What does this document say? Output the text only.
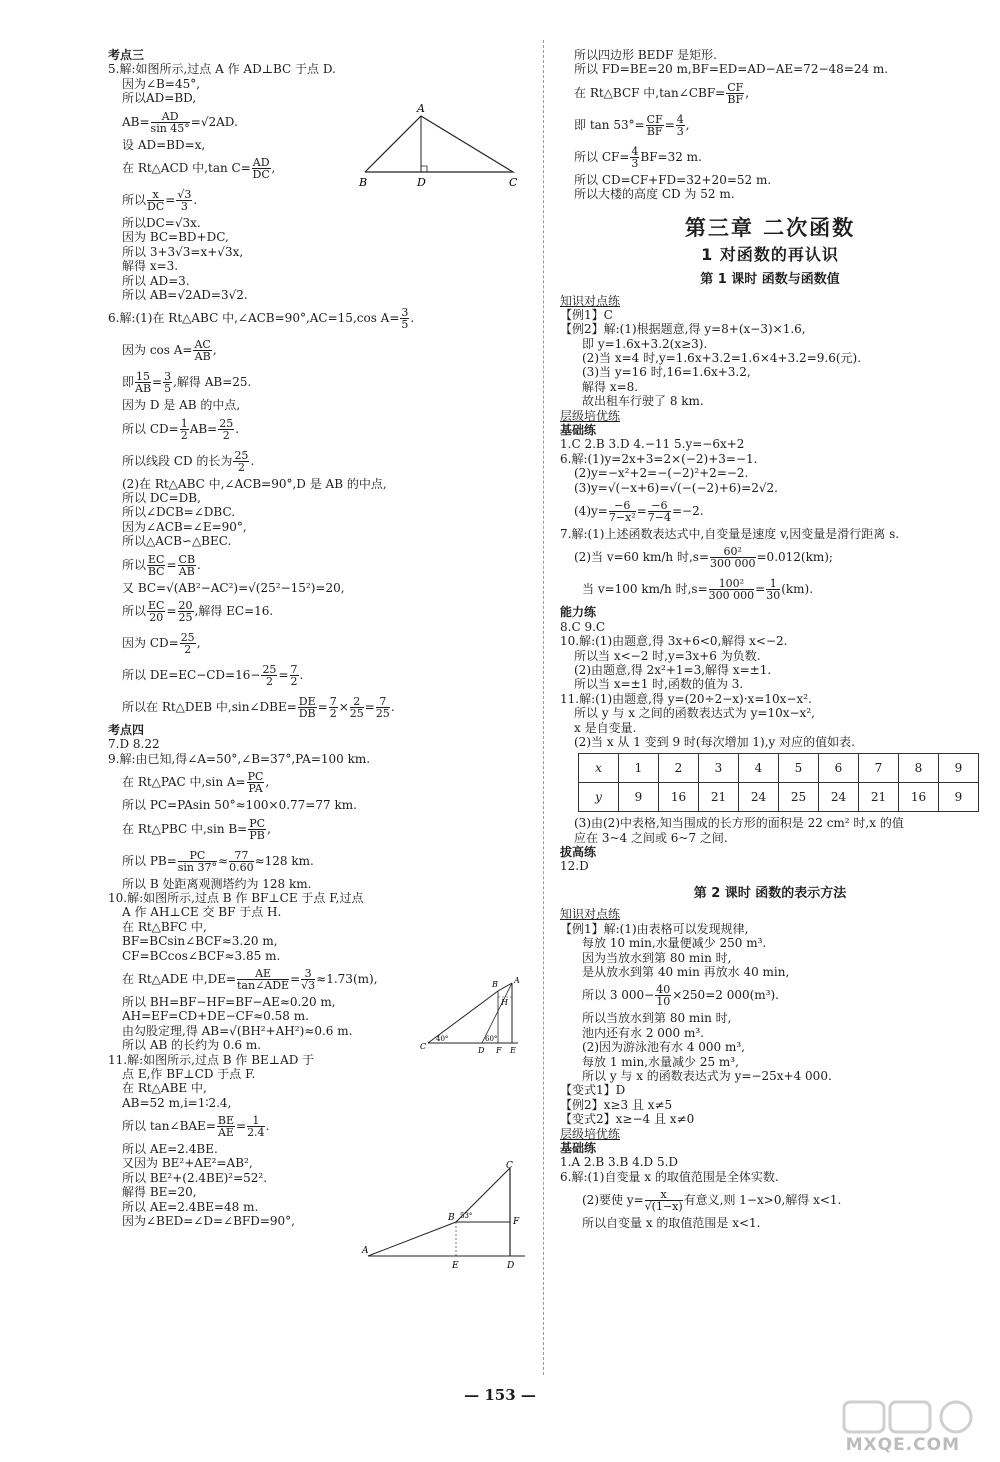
考点三

5.解:如图所示,过点 A 作 AD⊥BC 于点 D.

因为∠B=45°,

所以AD=BD,

$AB= \frac{AD}{\sin 45^\circ} =√2AD$.

设 AD=BD=x,

在 Rt△ACD 中,tan $C= \frac{AD}{DC}$ ,

所以 $\frac{x}{DC} = \frac{√3}{3}$ .

所以DC=√3x.

因为 BC=BD+DC,

所以 3+3√3=x+√3x,

解得 x=3.

所以 AD=3.

所以 AB=√2AD=3√2.

6.解:(1)在 Rt△ABC 中,∠ACB=90°,AC=15,cos $A= \frac{3}{5}$ .

因为 $\cos A= \frac{AC}{AB}$ ,

即 $\frac{15}{AB} = \frac{3}{5}$ ,解得 AB=25.

因为 D 是 AB 的中点,

所以 $CD= \frac{1}{2} AB= \frac{25}{2}$ .

所以线段 CD 的长为 $\frac{25}{2}$ .

(2)在 Rt△ABC 中,∠ACB=90°,D 是 AB 的中点,

所以 DC=DB,

所以∠DCB=∠DBC.

因为∠ACB=∠E=90°,

所以△ACB∽△BEC.

所以 $\frac{EC}{BC} = \frac{CB}{AB}$ .

又 BC=√(AB²−AC²)=√(25²−15²)=20,

所以 $\frac{EC}{20} = \frac{20}{25}$ ,解得 EC=16.

因为 $CD= \frac{25}{2}$ ,

所以 $DE=EC-CD=16- \frac{25}{2} = \frac{7}{2}$ .

所以在 Rt△DEB 中,sin∠DBE= $\frac{DE}{DB} = \frac{7}{2} \times \frac{2}{25} = \frac{7}{25}$ .

考点四

7.D 8.22

9.解:由已知,得∠A=50°,∠B=37°,PA=100 km.

在 Rt△PAC 中,sin $A= \frac{PC}{PA}$ ,

所以 PC=PAsin 50°≈100×0.77=77 km.

在 Rt△PBC 中,sin $B= \frac{PC}{PB}$ ,

所以 $PB= \frac{PC}{\sin 37^\circ} \approx \frac{77}{0.60} \approx 128$ km.

所以 B 处距离观测塔约为 128 km.

10.解:如图所示,过点 B 作 BF⊥CE 于点 F,过点

A 作 AH⊥CE 交 BF 于点 H.

在 Rt△BFC 中,

BF=BCsin∠BCF≈3.20 m,

CF=BCcos∠BCF≈3.85 m.

在 Rt△ADE 中$,DE= \frac{AE}{\text{tan∠ADE}} = \frac{3}{√3} \approx 1.73(m)$,

所以 BH=BF−HF=BF−AE≈0.20 m,

AH=EF=CD+DE−CF≈0.58 m.

由勾股定理,得 AB=√(BH²+AH²)≈0.6 m.

所以 AB 的长约为 0.6 m.

11.解:如图所示,过点 B 作 BE⊥AD 于

点 E,作 BF⊥CD 于点 F.

在 Rt△ABE 中,

AB=52 m,i=1∶2.4,

所以 tan∠BAE= $\frac{BE}{AE} = \frac{1}{2.4}$ .

所以 AE=2.4BE.

又因为 BE²+AE²=AB²,

所以 BE²+(2.4BE)²=52².

解得 BE=20,

所以 AE=2.4BE=48 m.

因为∠BED=∠D=∠BFD=90°,

A
B	D	C
B A
H
40°	60°
C	D F E
C
B 53°
F
A
E	D

所以四边形 BEDF 是矩形.

所以 FD=BE=20 m,BF=ED=AD−AE=72−48=24 m.

在 Rt△BCF 中,tan∠CBF= $\frac{CF}{BF}$ ,

即 $\tan 53^\circ= \frac{CF}{BF} = \frac{4}{3}$ ,

所以 $CF= \frac{4}{3} BF=32$ m.

所以 CD=CF+FD=32+20=52 m.

所以大楼的高度 CD 为 52 m.

第三章 二次函数
1 对函数的再认识
第 1 课时 函数与函数值

知识对点练

【例1】C

【例2】解:(1)根据题意,得 y=8+(x−3)×1.6,

即 y=1.6x+3.2(x≥3).

(2)当 x=4 时,y=1.6x+3.2=1.6×4+3.2=9.6(元).

(3)当 y=16 时,16=1.6x+3.2,

解得 x=8.

故出租车行驶了 8 km.

层级培优练

基础练

1.C 2.B 3.D 4.−11 5.y=−6x+2

6.解:(1)y=2x+3=2×(−2)+3=−1.

(2)y=−x²+2=−(−2)²+2=−2.

(3)y=√(−x+6)=√(−(−2)+6)=2√2.

$(4)y= \frac{-6}{\text{7−x²}} = \frac{-6}{7-4} =-2$.

7.解:(1)上述函数表达式中,自变量是速度 v,因变量是滑行距离 s.

(2)当 v=60 km/h 时$,s= \frac{\text{60²}}{300 000} =0.012(km)$;

当 v=100 km/h 时$,s= \frac{\text{100²}}{300 000} = \frac{1}{30} (km)$.

能力练

8.C 9.C

10.解:(1)由题意,得 3x+6<0,解得 x<−2.

所以当 x<−2 时,y=3x+6 为负数.

(2)由题意,得 2x²+1=3,解得 x=±1.

所以当 x=±1 时,函数的值为 3.

11.解:(1)由题意,得 y=(20÷2−x)·x=10x−x².

所以 y 与 x 之间的函数表达式为 y=10x−x²,

x 是自变量.

(2)当 x 从 1 变到 9 时(每次增加 1),y 对应的值如表.

x	1	2	3	4	5	6	7	8	9
y	9	16	21	24	25	24	21	16	9

(3)由(2)中表格,知当围成的长方形的面积是 22 cm² 时,x 的值

应在 3~4 之间或 6~7 之间.

拔高练

12.D

第 2 课时 函数的表示方法

知识对点练

【例1】解:(1)由表格可以发现规律,

每放 10 min,水量便减少 250 m³.

因为当放水到第 80 min 时,

是从放水到第 40 min 再放水 40 min,

所以 3 $000- \frac{40}{10} \times 250=2$ 000(m³).

所以当放水到第 80 min 时,

池内还有水 2 000 m³.

(2)因为游泳池有水 4 000 m³,

每放 1 min,水量减少 25 m³,

所以 y 与 x 的函数表达式为 y=−25x+4 000.

【变式1】D

【例2】x≥3 且 x≠5

【变式2】x≥−4 且 x≠0

层级培优练

基础练

1.A 2.B 3.B 4.D 5.D

6.解:(1)自变量 x 的取值范围是全体实数.

(2)要使 $y= \frac{x}{√(1-x)}$ 有意义,则 1−x>0,解得 x<1.

所以自变量 x 的取值范围是 x<1.

— 153 —
MXQE.COM
